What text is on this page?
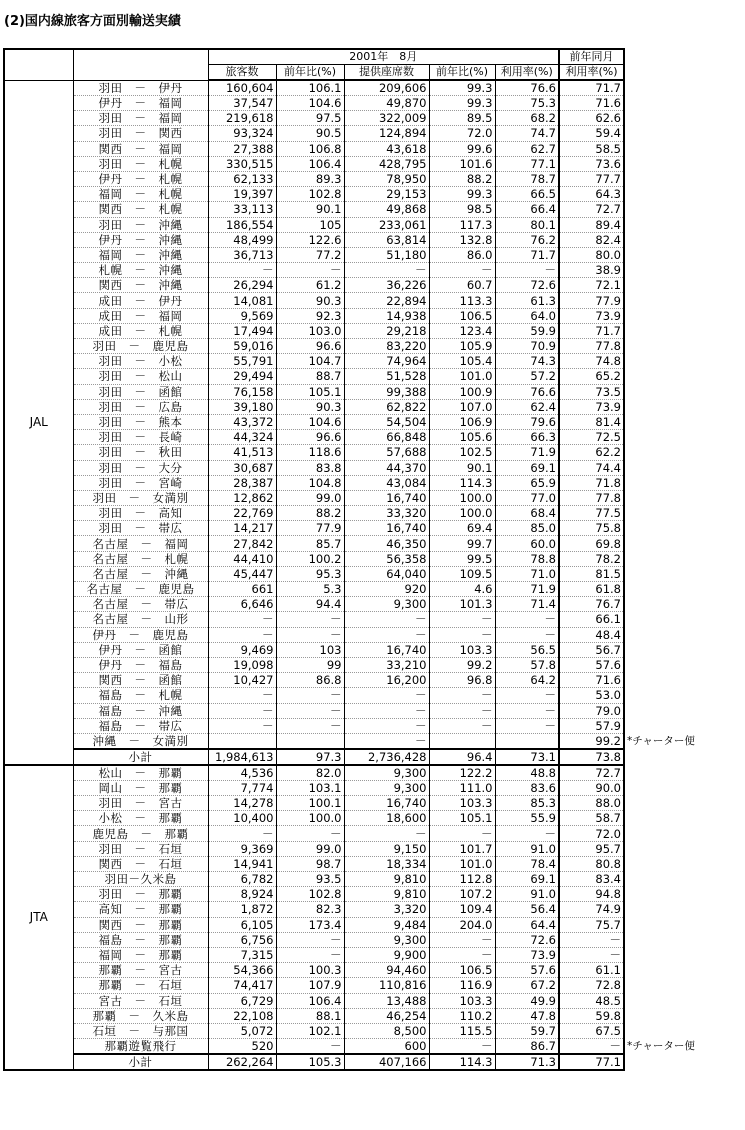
(2)国内線旅客方面別輸送実績
		2001年　8月					前年同月
		旅客数	前年比(%)	提供座席数	前年比(%)	利用率(%)	利用率(%)
JAL	羽田　－　伊丹	160,604	106.1	209,606	99.3	76.6	71.7
	伊丹　－　福岡	37,547	104.6	49,870	99.3	75.3	71.6
	羽田　－　福岡	219,618	97.5	322,009	89.5	68.2	62.6
	羽田　－　関西	93,324	90.5	124,894	72.0	74.7	59.4
	関西　－　福岡	27,388	106.8	43,618	99.6	62.7	58.5
	羽田　－　札幌	330,515	106.4	428,795	101.6	77.1	73.6
	伊丹　－　札幌	62,133	89.3	78,950	88.2	78.7	77.7
	福岡　－　札幌	19,397	102.8	29,153	99.3	66.5	64.3
	関西　－　札幌	33,113	90.1	49,868	98.5	66.4	72.7
	羽田　－　沖縄	186,554	105	233,061	117.3	80.1	89.4
	伊丹　－　沖縄	48,499	122.6	63,814	132.8	76.2	82.4
	福岡　－　沖縄	36,713	77.2	51,180	86.0	71.7	80.0
	札幌　－　沖縄	－	－	－	－	－	38.9
	関西　－　沖縄	26,294	61.2	36,226	60.7	72.6	72.1
	成田　－　伊丹	14,081	90.3	22,894	113.3	61.3	77.9
	成田　－　福岡	9,569	92.3	14,938	106.5	64.0	73.9
	成田　－　札幌	17,494	103.0	29,218	123.4	59.9	71.7
	羽田　－　鹿児島	59,016	96.6	83,220	105.9	70.9	77.8
	羽田　－　小松	55,791	104.7	74,964	105.4	74.3	74.8
	羽田　－　松山	29,494	88.7	51,528	101.0	57.2	65.2
	羽田　－　函館	76,158	105.1	99,388	100.9	76.6	73.5
	羽田　－　広島	39,180	90.3	62,822	107.0	62.4	73.9
	羽田　－　熊本	43,372	104.6	54,504	106.9	79.6	81.4
	羽田　－　長崎	44,324	96.6	66,848	105.6	66.3	72.5
	羽田　－　秋田	41,513	118.6	57,688	102.5	71.9	62.2
	羽田　－　大分	30,687	83.8	44,370	90.1	69.1	74.4
	羽田　－　宮崎	28,387	104.8	43,084	114.3	65.9	71.8
	羽田　－　女満別	12,862	99.0	16,740	100.0	77.0	77.8
	羽田　－　高知	22,769	88.2	33,320	100.0	68.4	77.5
	羽田　－　帯広	14,217	77.9	16,740	69.4	85.0	75.8
	名古屋　－　福岡	27,842	85.7	46,350	99.7	60.0	69.8
	名古屋　－　札幌	44,410	100.2	56,358	99.5	78.8	78.2
	名古屋　－　沖縄	45,447	95.3	64,040	109.5	71.0	81.5
	名古屋　－　鹿児島	661	5.3	920	4.6	71.9	61.8
	名古屋　－　帯広	6,646	94.4	9,300	101.3	71.4	76.7
	名古屋　－　山形	－	－	－	－	－	66.1
	伊丹　－　鹿児島	－	－	－	－	－	48.4
	伊丹　－　函館	9,469	103	16,740	103.3	56.5	56.7
	伊丹　－　福島	19,098	99	33,210	99.2	57.8	57.6
	関西　－　函館	10,427	86.8	16,200	96.8	64.2	71.6
	福島　－　札幌	－	－	－	－	－	53.0
	福島　－　沖縄	－	－	－	－	－	79.0
	福島　－　帯広	－	－	－	－	－	57.9
	沖縄　－　女満別			－			99.2 *チャーター便

	小計	1,984,613	97.3	2,736,428	96.4	73.1	73.8
JTA	松山　－　那覇	4,536	82.0	9,300	122.2	48.8	72.7
	岡山　－　那覇	7,774	103.1	9,300	111.0	83.6	90.0
	羽田　－　宮古	14,278	100.1	16,740	103.3	85.3	88.0
	小松　－　那覇	10,400	100.0	18,600	105.1	55.9	58.7
	鹿児島　－　那覇	－	－	－	－	－	72.0
	羽田　－　石垣	9,369	99.0	9,150	101.7	91.0	95.7
	関西　－　石垣	14,941	98.7	18,334	101.0	78.4	80.8
	羽田－久米島	6,782	93.5	9,810	112.8	69.1	83.4
	羽田　－　那覇	8,924	102.8	9,810	107.2	91.0	94.8
	高知　－　那覇	1,872	82.3	3,320	109.4	56.4	74.9
	関西　－　那覇	6,105	173.4	9,484	204.0	64.4	75.7
	福島　－　那覇	6,756	－	9,300	－	72.6	－
	福岡　－　那覇	7,315	－	9,900	－	73.9	－
	那覇　－　宮古	54,366	100.3	94,460	106.5	57.6	61.1
	那覇　－　石垣	74,417	107.9	110,816	116.9	67.2	72.8
	宮古　－　石垣	6,729	106.4	13,488	103.3	49.9	48.5
	那覇　－　久米島	22,108	88.1	46,254	110.2	47.8	59.8
	石垣　－　与那国	5,072	102.1	8,500	115.5	59.7	67.5
	那覇遊覧飛行	520	－	600	－	86.7	－ *チャーター便

	小計	262,264	105.3	407,166	114.3	71.3	77.1
